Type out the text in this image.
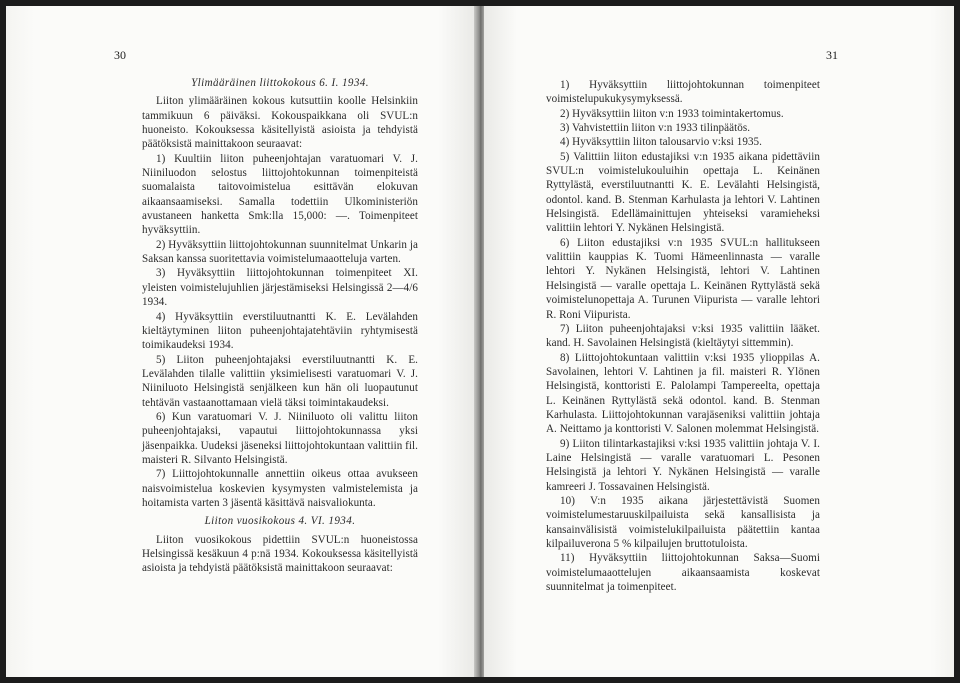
30	31

Ylimääräinen liittokokous 6. I. 1934.

Liiton ylimääräinen kokous kutsuttiin koolle Helsinkiin tammikuun 6 päiväksi. Kokouspaikkana oli SVUL:n huoneisto. Kokouksessa käsitellyistä asioista ja tehdyistä päätöksistä mainittakoon seuraavat:

1) Kuultiin liiton puheenjohtajan varatuomari V. J. Niiniluodon selostus liittojohtokunnan toimenpiteistä suomalaista taitovoimistelua esittävän elokuvan aikaansaamiseksi. Samalla todettiin Ulkoministeriön avustaneen hanketta Smk:lla 15,000: —. Toimenpiteet hyväksyttiin.

2) Hyväksyttiin liittojohtokunnan suunnitelmat Unkarin ja Saksan kanssa suoritettavia voimistelumaaotteluja varten.

3) Hyväksyttiin liittojohtokunnan toimenpiteet XI. yleisten voimistelujuhlien järjestämiseksi Helsingissä 2—4/6 1934.

4) Hyväksyttiin everstiluutnantti K. E. Levälahden kieltäytyminen liiton puheenjohtajatehtäviin ryhtymisestä toimikaudeksi 1934.

5) Liiton puheenjohtajaksi everstiluutnantti K. E. Levälahden tilalle valittiin yksimielisesti varatuomari V. J. Niiniluoto Helsingistä senjälkeen kun hän oli luopautunut tehtävän vastaanottamaan vielä täksi toimintakaudeksi.

6) Kun varatuomari V. J. Niiniluoto oli valittu liiton puheenjohtajaksi, vapautui liittojohtokunnassa yksi jäsenpaikka. Uudeksi jäseneksi liittojohtokuntaan valittiin fil. maisteri R. Silvanto Helsingistä.

7) Liittojohtokunnalle annettiin oikeus ottaa avukseen naisvoimistelua koskevien kysymysten valmistelemista ja hoitamista varten 3 jäsentä käsittävä naisvaliokunta.

Liiton vuosikokous 4. VI. 1934.

Liiton vuosikokous pidettiin SVUL:n huoneistossa Helsingissä kesäkuun 4 p:nä 1934. Kokouksessa käsitellyistä asioista ja tehdyistä päätöksistä mainittakoon seuraavat:

1) Hyväksyttiin liittojohtokunnan toimenpiteet voimistelupukukysymyksessä.

2) Hyväksyttiin liiton v:n 1933 toimintakertomus.

3) Vahvistettiin liiton v:n 1933 tilinpäätös.

4) Hyväksyttiin liiton talousarvio v:ksi 1935.

5) Valittiin liiton edustajiksi v:n 1935 aikana pidettäviin SVUL:n voimistelukouluihin opettaja L. Keinänen Ryttylästä, everstiluutnantti K. E. Levälahti Helsingistä, odontol. kand. B. Stenman Karhulasta ja lehtori V. Lahtinen Helsingistä. Edellämainittujen yhteiseksi varamieheksi valittiin lehtori Y. Nykänen Helsingistä.

6) Liiton edustajiksi v:n 1935 SVUL:n hallitukseen valittiin kauppias K. Tuomi Hämeenlinnasta — varalle lehtori Y. Nykänen Helsingistä, lehtori V. Lahtinen Helsingistä — varalle opettaja L. Keinänen Ryttylästä sekä voimistelunopettaja A. Turunen Viipurista — varalle lehtori R. Roni Viipurista.

7) Liiton puheenjohtajaksi v:ksi 1935 valittiin lääket. kand. H. Savolainen Helsingistä (kieltäytyi sittemmin).

8) Liittojohtokuntaan valittiin v:ksi 1935 ylioppilas A. Savolainen, lehtori V. Lahtinen ja fil. maisteri R. Ylönen Helsingistä, konttoristi E. Palolampi Tampereelta, opettaja L. Keinänen Ryttylästä sekä odontol. kand. B. Stenman Karhulasta. Liittojohtokunnan varajäseniksi valittiin johtaja A. Neittamo ja konttoristi V. Salonen molemmat Helsingistä.

9) Liiton tilintarkastajiksi v:ksi 1935 valittiin johtaja V. I. Laine Helsingistä — varalle varatuomari L. Pesonen Helsingistä ja lehtori Y. Nykänen Helsingistä — varalle kamreeri J. Tossavainen Helsingistä.

10) V:n 1935 aikana järjestettävistä Suomen voimistelumestaruuskilpailuista sekä kansallisista ja kansainvälisistä voimistelukilpailuista päätettiin kantaa kilpailuverona 5 % kilpailujen bruttotuloista.

11) Hyväksyttiin liittojohtokunnan Saksa—Suomi voimistelumaaottelujen aikaansaamista koskevat suunnitelmat ja toimenpiteet.
